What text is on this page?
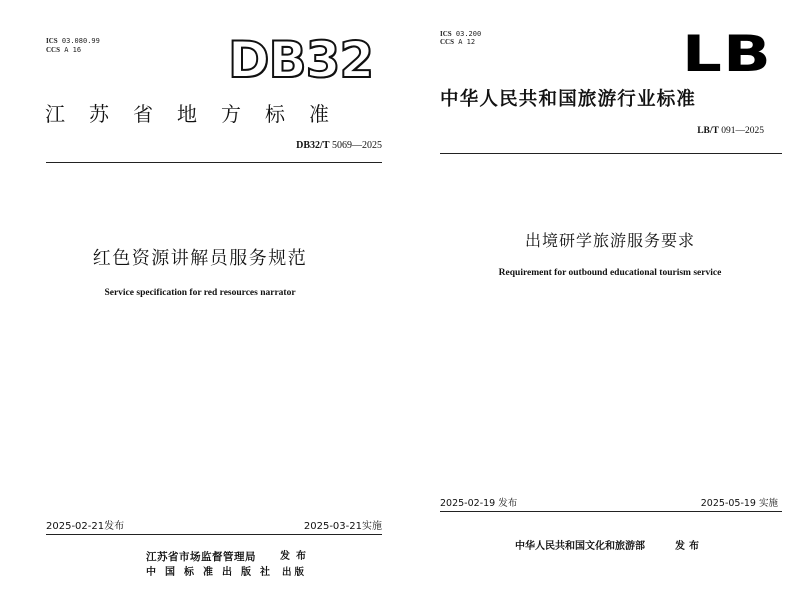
ICS 03.080.99
CCS A 16	DB32
江苏省地方标准
DB32/T 5069—2025
红色资源讲解员服务规范
Service specification for red resources narrator
2025-02-21发布	2025-03-21实施
江苏省市场监督管理局 发布
中国标准出版社 出版
ICS 03.200
CCS A 12	LB
中华人民共和国旅游行业标准
LB/T 091—2025
出境研学旅游服务要求
Requirement for outbound educational tourism service
2025-02-19 发布	2025-05-19 实施
中华人民共和国文化和旅游部	发布
